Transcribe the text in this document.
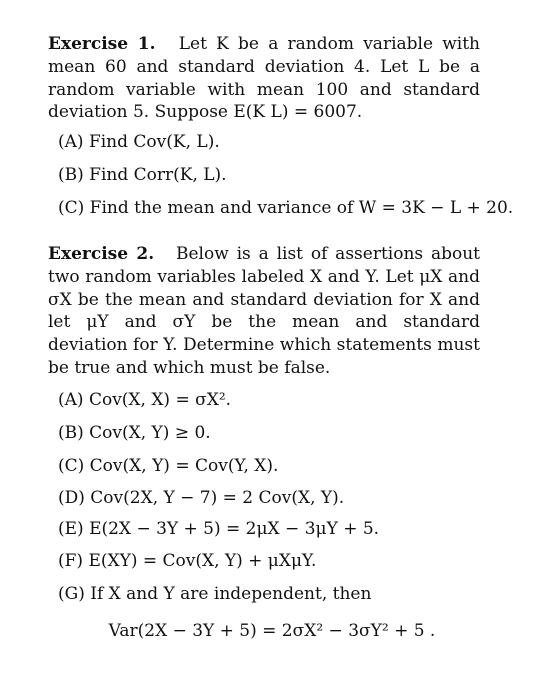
Exercise 1. Let K be a random variable with mean 60 and standard deviation 4. Let L be a random variable with mean 100 and standard deviation 5. Suppose E(K L) = 6007.
(A) Find Cov(K, L).
(B) Find Corr(K, L).
(C) Find the mean and variance of W = 3K − L + 20.
Exercise 2. Below is a list of assertions about two random variables labeled X and Y. Let μX and σX be the mean and standard deviation for X and let μY and σY be the mean and standard deviation for Y. Determine which statements must be true and which must be false.
(A) Cov(X, X) = σX².
(B) Cov(X, Y) ≥ 0.
(C) Cov(X, Y) = Cov(Y, X).
(D) Cov(2X, Y − 7) = 2 Cov(X, Y).
(E) E(2X − 3Y + 5) = 2μX − 3μY + 5.
(F) E(XY) = Cov(X, Y) + μXμY.
(G) If X and Y are independent, then
Var(2X − 3Y + 5) = 2σX² − 3σY² + 5 .
